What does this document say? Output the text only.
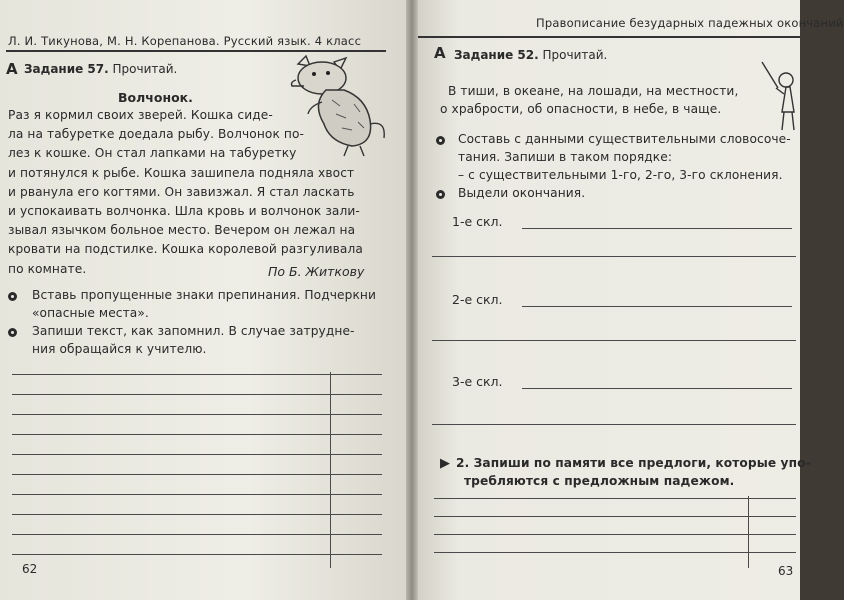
Л. И. Тикунова, М. Н. Корепанова. Русский язык. 4 класс
А Задание 57. Прочитай.
Волчонок.
Раз я кормил своих зверей. Кошка сиде-
ла на табуретке доедала рыбу. Волчонок по-
лез к кошке. Он стал лапками на табуретку
и потянулся к рыбе. Кошка зашипела подняла хвост
и рванула его когтями. Он завизжал. Я стал ласкать
и успокаивать волчонка. Шла кровь и волчонок зали-
зывал язычком больное место. Вечером он лежал на
кровати на подстилке. Кошка королевой разгуливала
по комнате.	По Б. Житкову
Вставь пропущенные знаки препинания. Подчеркни
«опасные места».
Запиши текст, как запомнил. В случае затрудне-
ния обращайся к учителю.
62
Правописание безударных падежных окончаний
А Задание 52. Прочитай.
В тиши, в океане, на лошади, на местности,
о храбрости, об опасности, в небе, в чаще.
Составь с данными существительными словосоче-
тания. Запиши в таком порядке:
– с существительными 1-го, 2-го, 3-го склонения.
Выдели окончания.
1-е скл.
2-е скл.
3-е скл.
▶ 2. Запиши по памяти все предлоги, которые упо-
требляются с предложным падежом.
63
